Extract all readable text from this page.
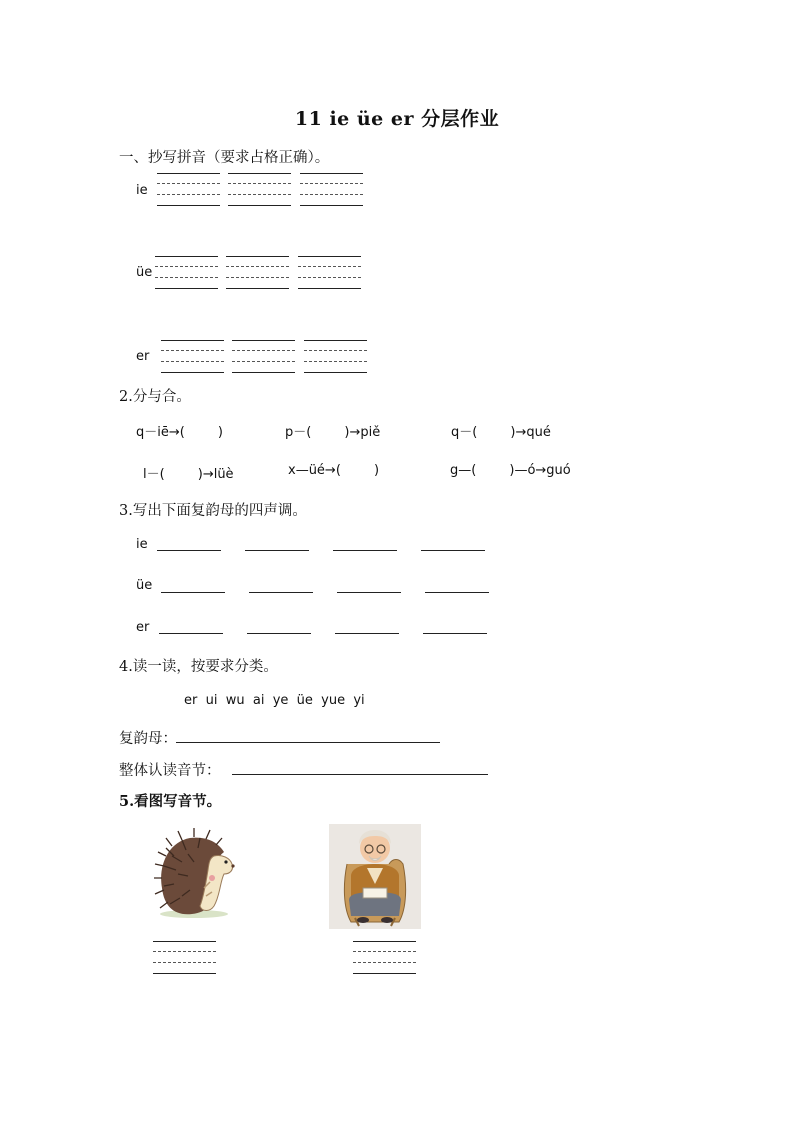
11 ie üe er 分层作业
一、抄写拼音（要求占格正确）。
ie
üe
er
2.分与合。
q－iē→(        )	p－(        )→piě	q－(        )→qué
l－(        )→lüè	x—üé→(        )	g—(        )—ó→guó
3.写出下面复韵母的四声调。
ie
üe
er
4.读一读，按要求分类。
er  ui  wu  ai  ye  üe  yue  yi
复韵母：
整体认读音节：
5.看图写音节。
